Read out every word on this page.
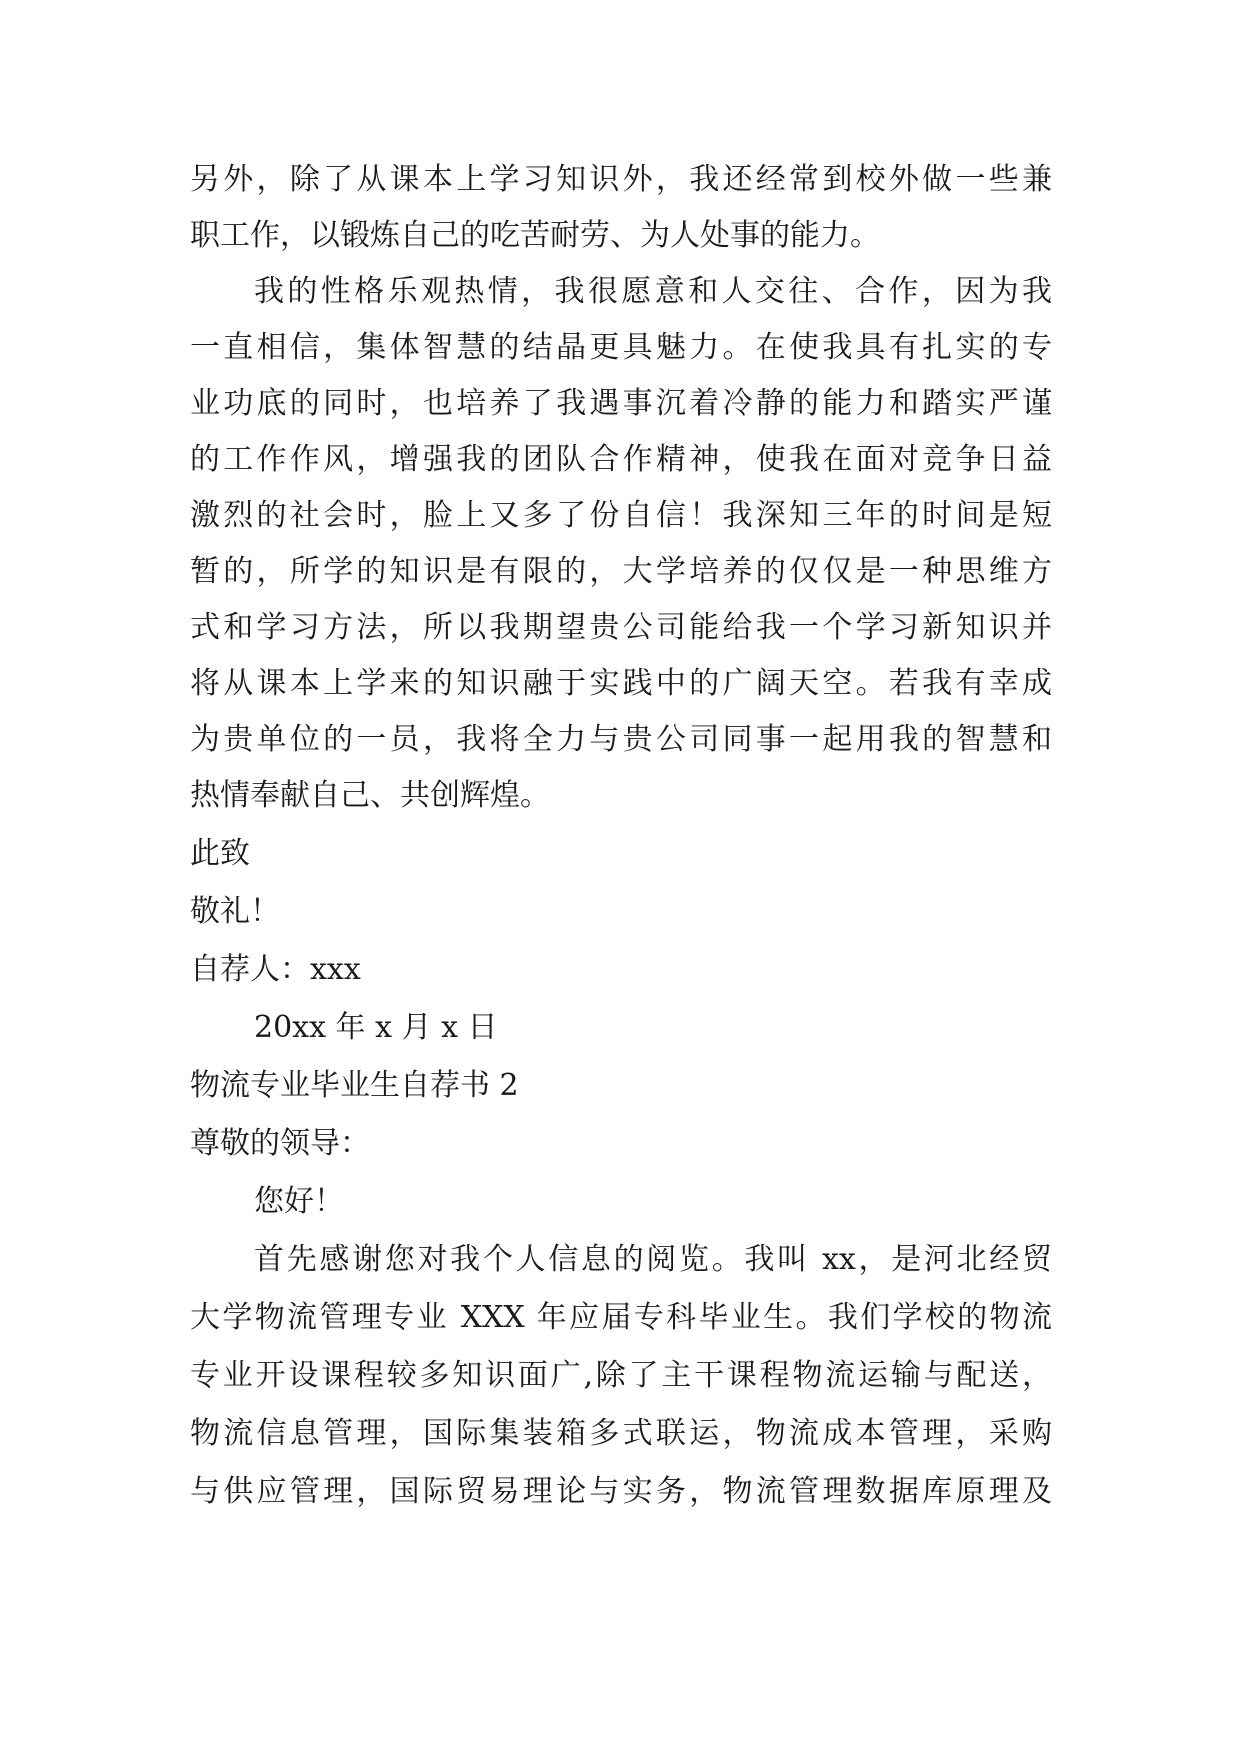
另外，除了从课本上学习知识外，我还经常到校外做一些兼
职工作，以锻炼自己的吃苦耐劳、为人处事的能力。
我的性格乐观热情，我很愿意和人交往、合作，因为我
一直相信，集体智慧的结晶更具魅力。在使我具有扎实的专
业功底的同时，也培养了我遇事沉着冷静的能力和踏实严谨
的工作作风，增强我的团队合作精神，使我在面对竞争日益
激烈的社会时，脸上又多了份自信！我深知三年的时间是短
暂的，所学的知识是有限的，大学培养的仅仅是一种思维方
式和学习方法，所以我期望贵公司能给我一个学习新知识并
将从课本上学来的知识融于实践中的广阔天空。若我有幸成
为贵单位的一员，我将全力与贵公司同事一起用我的智慧和
热情奉献自己、共创辉煌。
此致
敬礼！
自荐人：xxx
20xx 年 x 月 x 日
物流专业毕业生自荐书 2
尊敬的领导：
您好！
首先感谢您对我个人信息的阅览。我叫 xx，是河北经贸
大学物流管理专业 XXX 年应届专科毕业生。我们学校的物流
专业开设课程较多知识面广,除了主干课程物流运输与配送，
物流信息管理，国际集装箱多式联运，物流成本管理，采购
与供应管理，国际贸易理论与实务，物流管理数据库原理及
